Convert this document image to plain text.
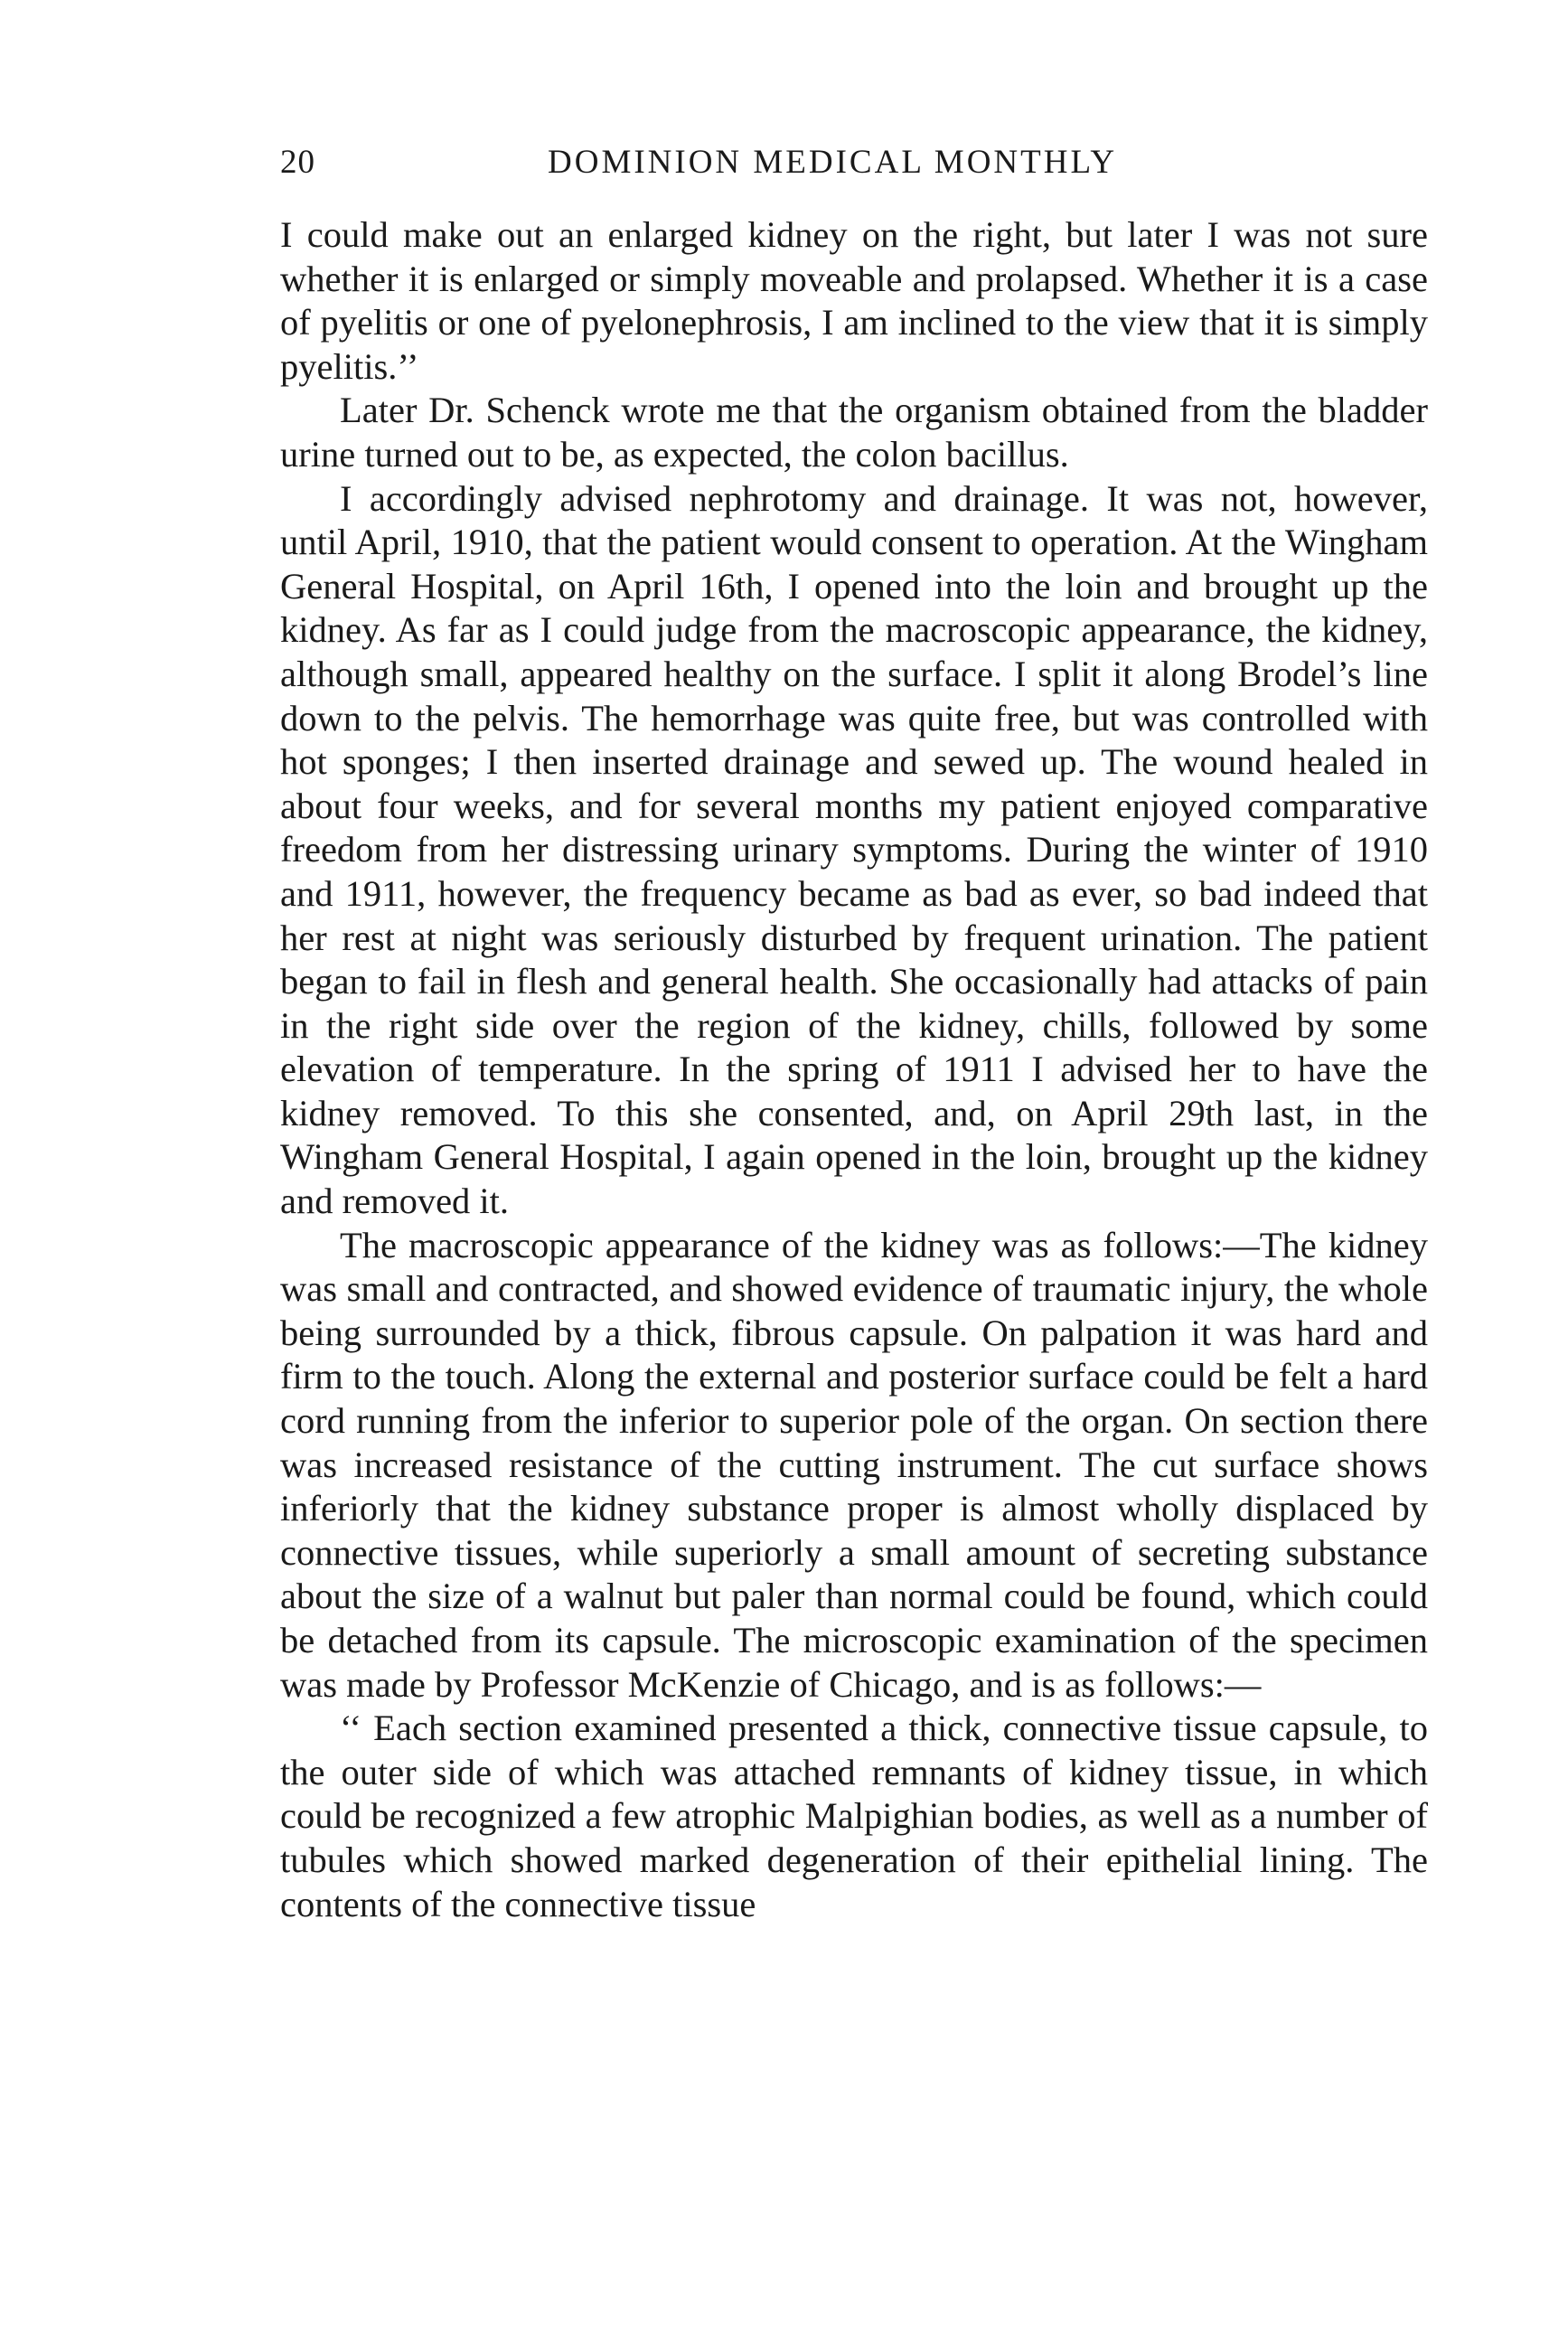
20	DOMINION MEDICAL MONTHLY

I could make out an enlarged kidney on the right, but later I was not sure whether it is enlarged or simply moveable and prolapsed. Whether it is a case of pyelitis or one of pyelonephrosis, I am inclined to the view that it is simply pyelitis.’’

Later Dr. Schenck wrote me that the organism obtained from the bladder urine turned out to be, as expected, the colon bacillus.

I accordingly advised nephrotomy and drainage. It was not, however, until April, 1910, that the patient would consent to operation. At the Wingham General Hospital, on April 16th, I opened into the loin and brought up the kidney. As far as I could judge from the macroscopic appearance, the kidney, although small, appeared healthy on the surface. I split it along Brodel’s line down to the pelvis. The hemorrhage was quite free, but was controlled with hot sponges; I then inserted drainage and sewed up. The wound healed in about four weeks, and for several months my patient enjoyed comparative freedom from her distressing urinary symptoms. During the winter of 1910 and 1911, however, the frequency became as bad as ever, so bad indeed that her rest at night was seriously disturbed by frequent urination. The patient began to fail in flesh and general health. She occasionally had attacks of pain in the right side over the region of the kidney, chills, followed by some elevation of temperature. In the spring of 1911 I advised her to have the kidney removed. To this she consented, and, on April 29th last, in the Wingham General Hospital, I again opened in the loin, brought up the kidney and removed it.

The macroscopic appearance of the kidney was as follows:—The kidney was small and contracted, and showed evidence of traumatic injury, the whole being surrounded by a thick, fibrous capsule. On palpation it was hard and firm to the touch. Along the external and posterior surface could be felt a hard cord running from the inferior to superior pole of the organ. On section there was increased resistance of the cutting instrument. The cut surface shows inferiorly that the kidney substance proper is almost wholly displaced by connective tissues, while superiorly a small amount of secreting substance about the size of a walnut but paler than normal could be found, which could be detached from its capsule. The microscopic examination of the specimen was made by Professor McKenzie of Chicago, and is as follows:—

‘‘ Each section examined presented a thick, connective tissue capsule, to the outer side of which was attached remnants of kidney tissue, in which could be recognized a few atrophic Malpighian bodies, as well as a number of tubules which showed marked degeneration of their epithelial lining. The contents of the connective tissue
